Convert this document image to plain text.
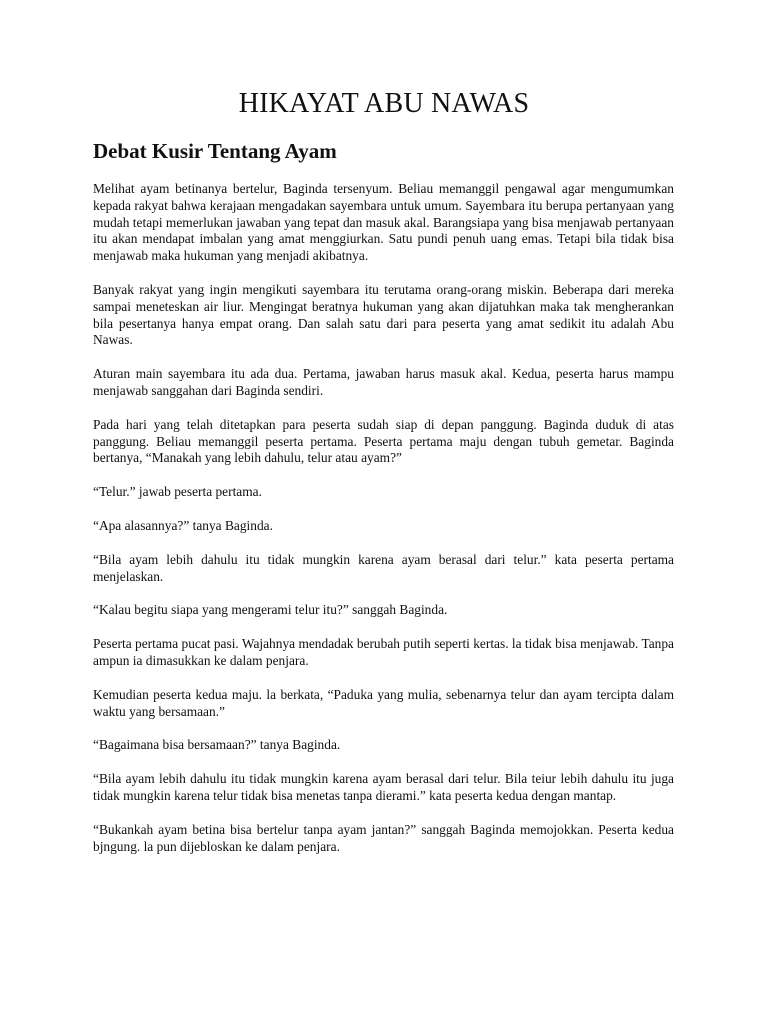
HIKAYAT ABU NAWAS
Debat Kusir Tentang Ayam

Melihat ayam betinanya bertelur, Baginda tersenyum. Beliau memanggil pengawal agar mengumumkan kepada rakyat bahwa kerajaan mengadakan sayembara untuk umum. Sayembara itu berupa pertanyaan yang mudah tetapi memerlukan jawaban yang tepat dan masuk akal. Barangsiapa yang bisa menjawab pertanyaan itu akan mendapat imbalan yang amat menggiurkan. Satu pundi penuh uang emas. Tetapi bila tidak bisa menjawab maka hukuman yang menjadi akibatnya.

Banyak rakyat yang ingin mengikuti sayembara itu terutama orang-orang miskin. Beberapa dari mereka sampai meneteskan air liur. Mengingat beratnya hukuman yang akan dijatuhkan maka tak mengherankan bila pesertanya hanya empat orang. Dan salah satu dari para peserta yang amat sedikit itu adalah Abu Nawas.

Aturan main sayembara itu ada dua. Pertama, jawaban harus masuk akal. Kedua, peserta harus mampu menjawab sanggahan dari Baginda sendiri.

Pada hari yang telah ditetapkan para peserta sudah siap di depan panggung. Baginda duduk di atas panggung. Beliau memanggil peserta pertama. Peserta pertama maju dengan tubuh gemetar. Baginda bertanya, “Manakah yang lebih dahulu, telur atau ayam?”

“Telur.” jawab peserta pertama.

“Apa alasannya?” tanya Baginda.

“Bila ayam lebih dahulu itu tidak mungkin karena ayam berasal dari telur.” kata peserta pertama menjelaskan.

“Kalau begitu siapa yang mengerami telur itu?” sanggah Baginda.

Peserta pertama pucat pasi. Wajahnya mendadak berubah putih seperti kertas. la tidak bisa menjawab. Tanpa ampun ia dimasukkan ke dalam penjara.

Kemudian peserta kedua maju. la berkata, “Paduka yang mulia, sebenarnya telur dan ayam tercipta dalam waktu yang bersamaan.”

“Bagaimana bisa bersamaan?” tanya Baginda.

“Bila ayam lebih dahulu itu tidak mungkin karena ayam berasal dari telur. Bila teiur lebih dahulu itu juga tidak mungkin karena telur tidak bisa menetas tanpa dierami.” kata peserta kedua dengan mantap.

“Bukankah ayam betina bisa bertelur tanpa ayam jantan?” sanggah Baginda memojokkan. Peserta kedua bjngung. la pun dijebloskan ke dalam penjara.
